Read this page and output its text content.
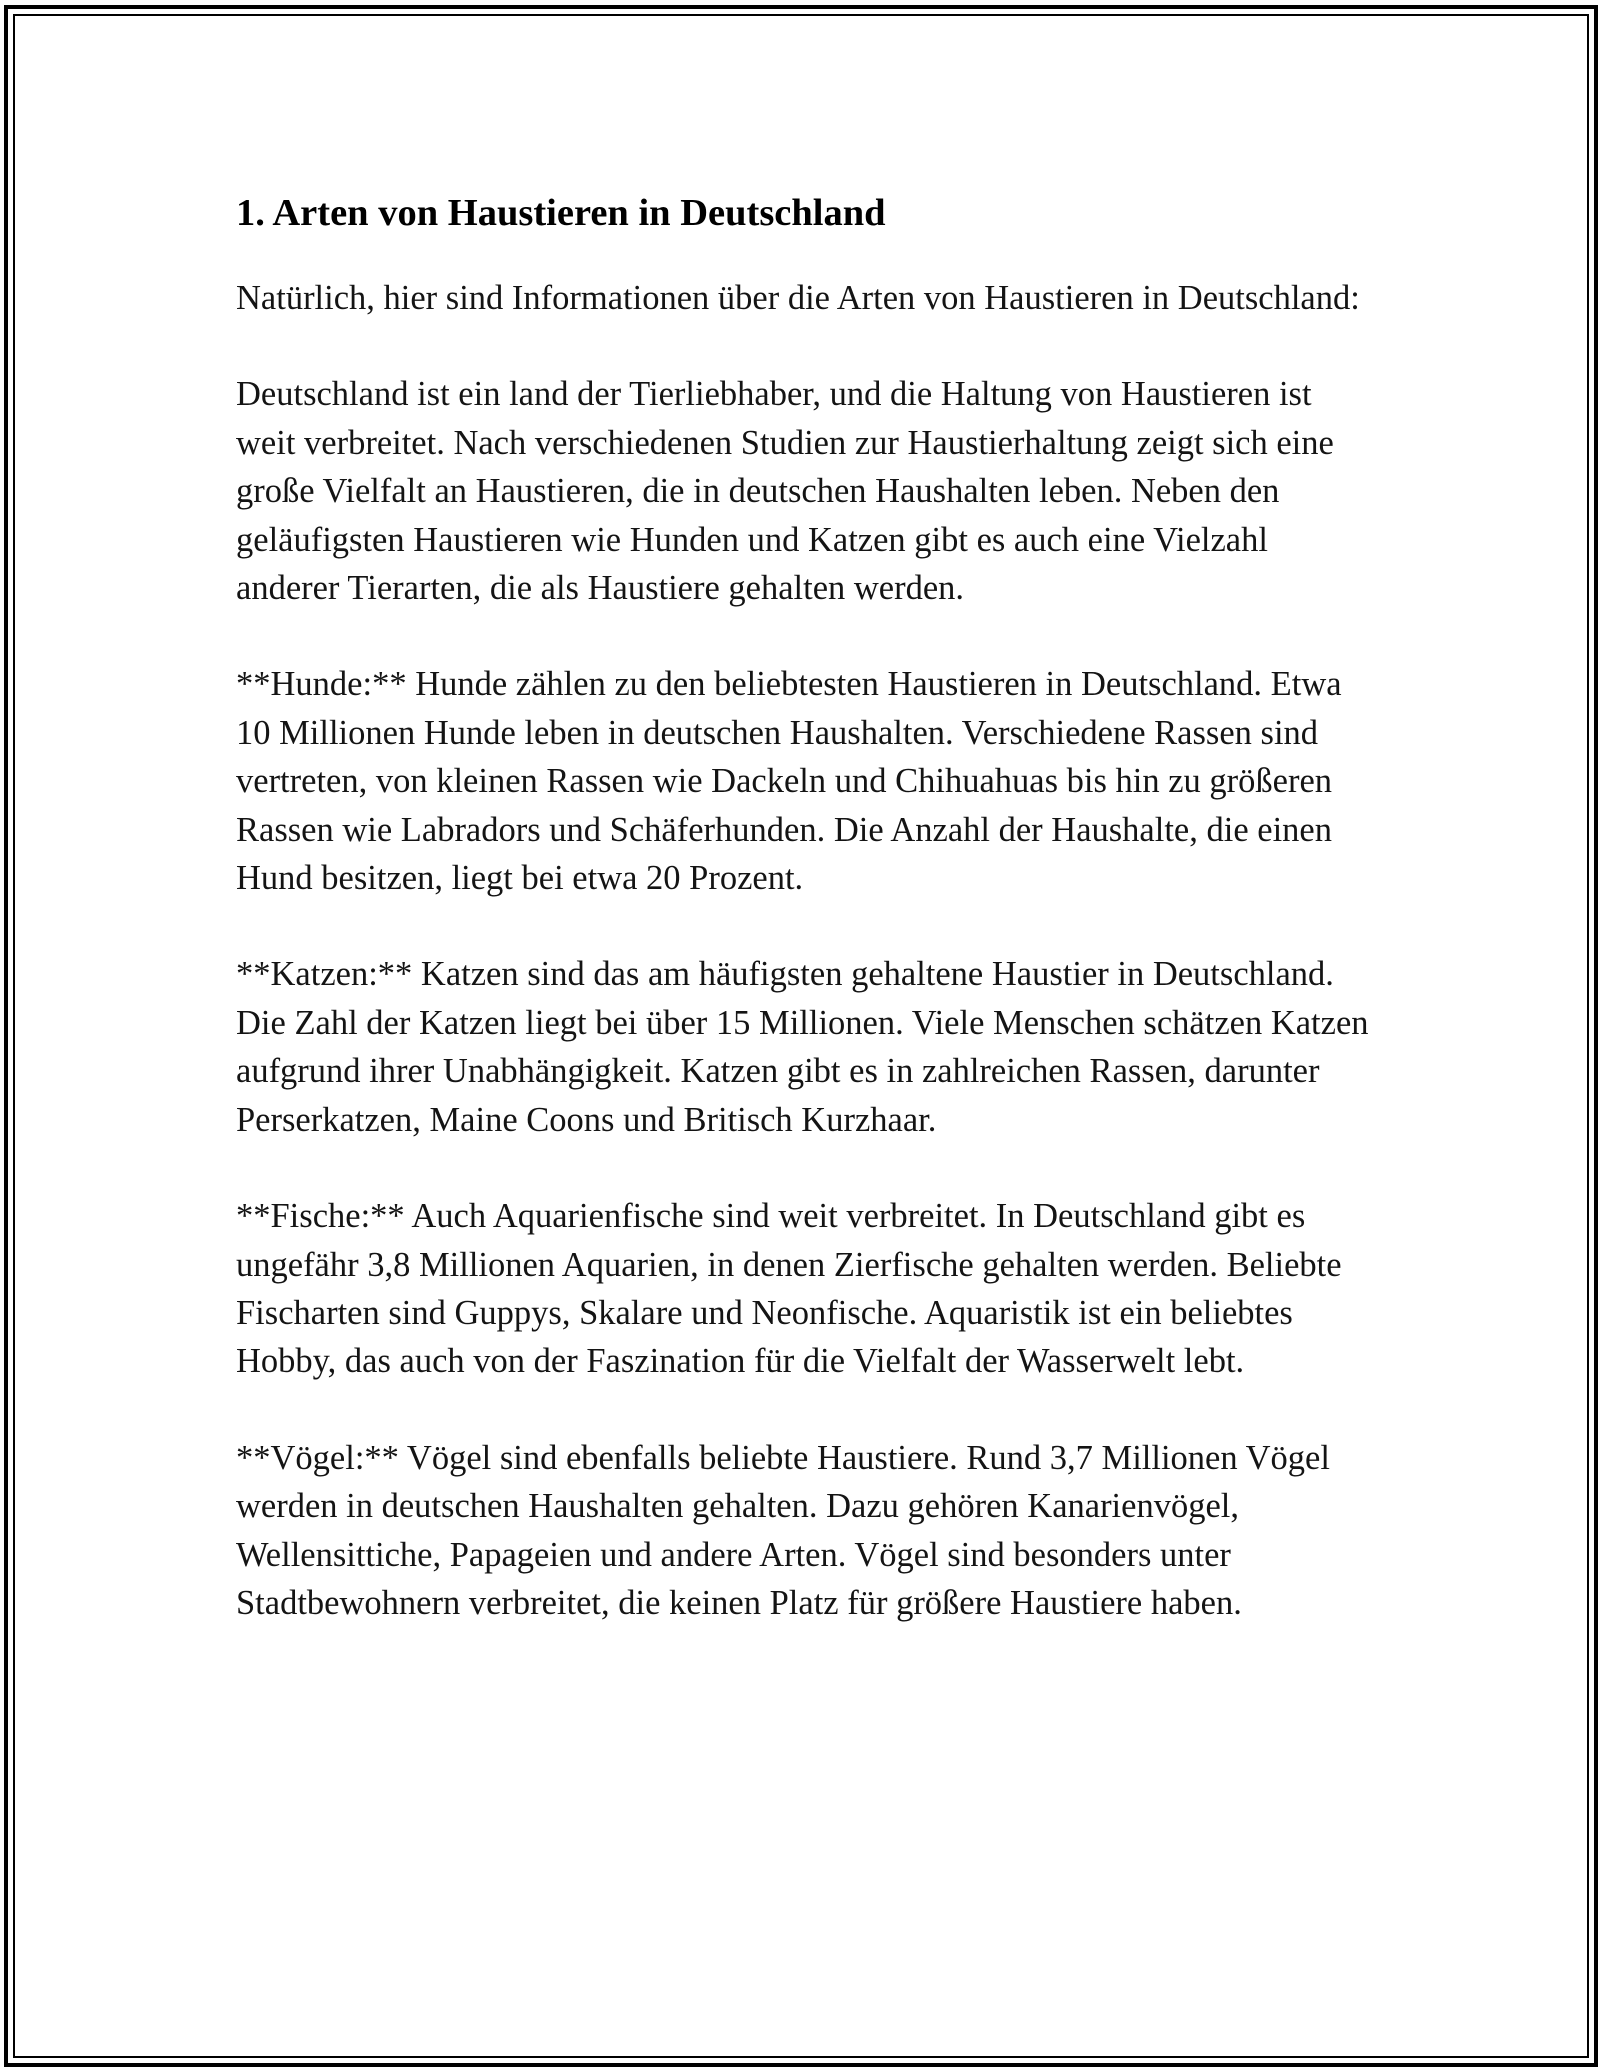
1. Arten von Haustieren in Deutschland

Natürlich, hier sind Informationen über die Arten von Haustieren in Deutschland:

Deutschland ist ein land der Tierliebhaber, und die Haltung von Haustieren ist weit verbreitet. Nach verschiedenen Studien zur Haustierhaltung zeigt sich eine große Vielfalt an Haustieren, die in deutschen Haushalten leben. Neben den geläufigsten Haustieren wie Hunden und Katzen gibt es auch eine Vielzahl anderer Tierarten, die als Haustiere gehalten werden.

**Hunde:** Hunde zählen zu den beliebtesten Haustieren in Deutschland. Etwa 10 Millionen Hunde leben in deutschen Haushalten. Verschiedene Rassen sind vertreten, von kleinen Rassen wie Dackeln und Chihuahuas bis hin zu größeren Rassen wie Labradors und Schäferhunden. Die Anzahl der Haushalte, die einen Hund besitzen, liegt bei etwa 20 Prozent.

**Katzen:** Katzen sind das am häufigsten gehaltene Haustier in Deutschland. Die Zahl der Katzen liegt bei über 15 Millionen. Viele Menschen schätzen Katzen aufgrund ihrer Unabhängigkeit. Katzen gibt es in zahlreichen Rassen, darunter Perserkatzen, Maine Coons und Britisch Kurzhaar.

**Fische:** Auch Aquarienfische sind weit verbreitet. In Deutschland gibt es ungefähr 3,8 Millionen Aquarien, in denen Zierfische gehalten werden. Beliebte Fischarten sind Guppys, Skalare und Neonfische. Aquaristik ist ein beliebtes Hobby, das auch von der Faszination für die Vielfalt der Wasserwelt lebt.

**Vögel:** Vögel sind ebenfalls beliebte Haustiere. Rund 3,7 Millionen Vögel werden in deutschen Haushalten gehalten. Dazu gehören Kanarienvögel, Wellensittiche, Papageien und andere Arten. Vögel sind besonders unter Stadtbewohnern verbreitet, die keinen Platz für größere Haustiere haben.
